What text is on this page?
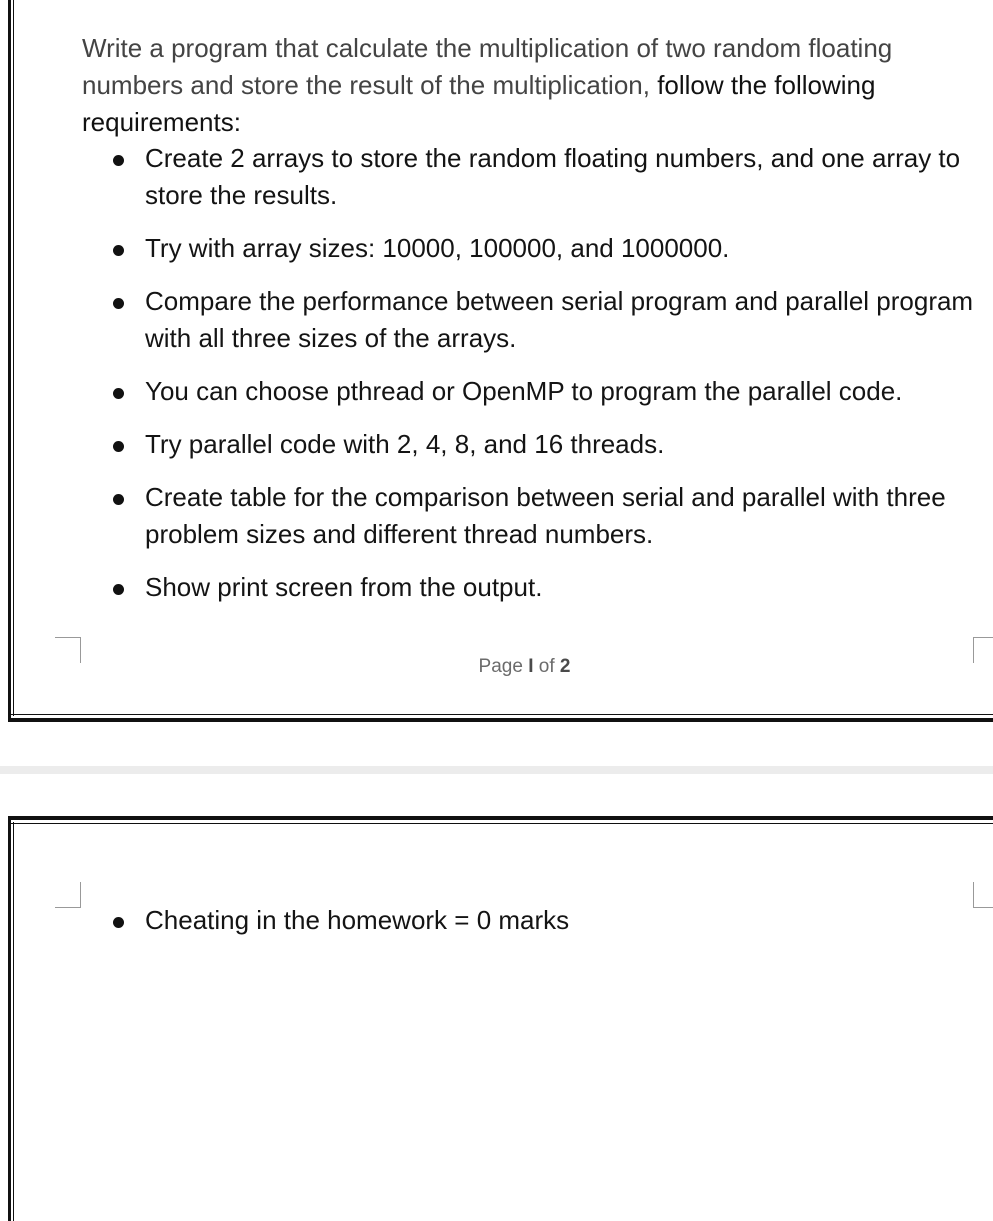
Write a program that calculate the multiplication of two random floating numbers and store the result of the multiplication, follow the following requirements:

Create 2 arrays to store the random floating numbers, and one array to store the results.
Try with array sizes: 10000, 100000, and 1000000.
Compare the performance between serial program and parallel program with all three sizes of the arrays.
You can choose pthread or OpenMP to program the parallel code.
Try parallel code with 2, 4, 8, and 16 threads.
Create table for the comparison between serial and parallel with three problem sizes and different thread numbers.
Show print screen from the output.
Page I of 2
Cheating in the homework = 0 marks
